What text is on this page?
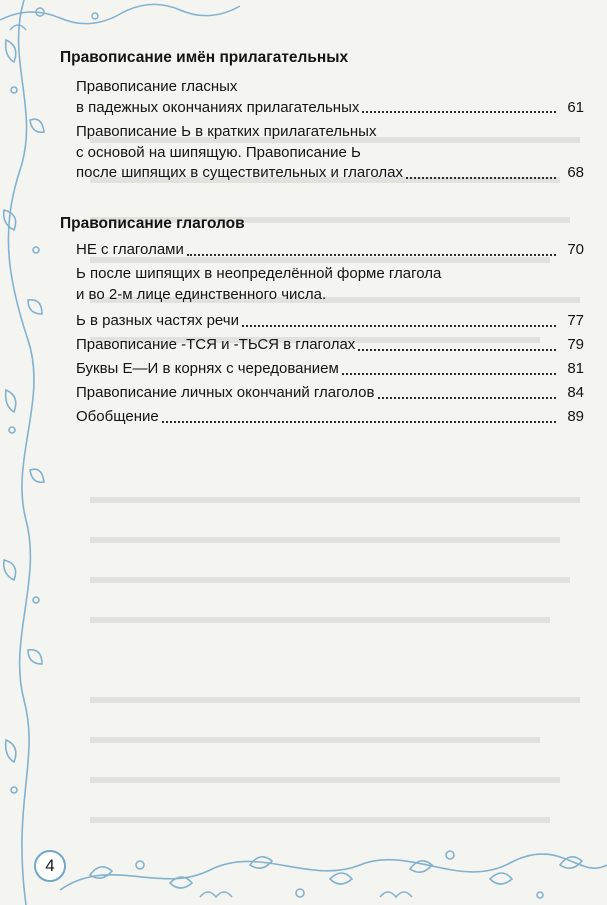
Правописание имён прилагательных
Правописание гласных
в падежных окончаниях прилагательных	61
Правописание Ь в кратких прилагательных
с основой на шипящую. Правописание Ь
после шипящих в существительных и глаголах	68
Правописание глаголов
НЕ с глаголами	70
Ь после шипящих в неопределённой форме глагола
и во 2-м лице единственного числа.
Ь в разных частях речи	77
Правописание -ТСЯ и -ТЬСЯ в глаголах	79
Буквы Е—И в корнях с чередованием	81
Правописание личных окончаний глаголов	84
Обобщение	89
4
